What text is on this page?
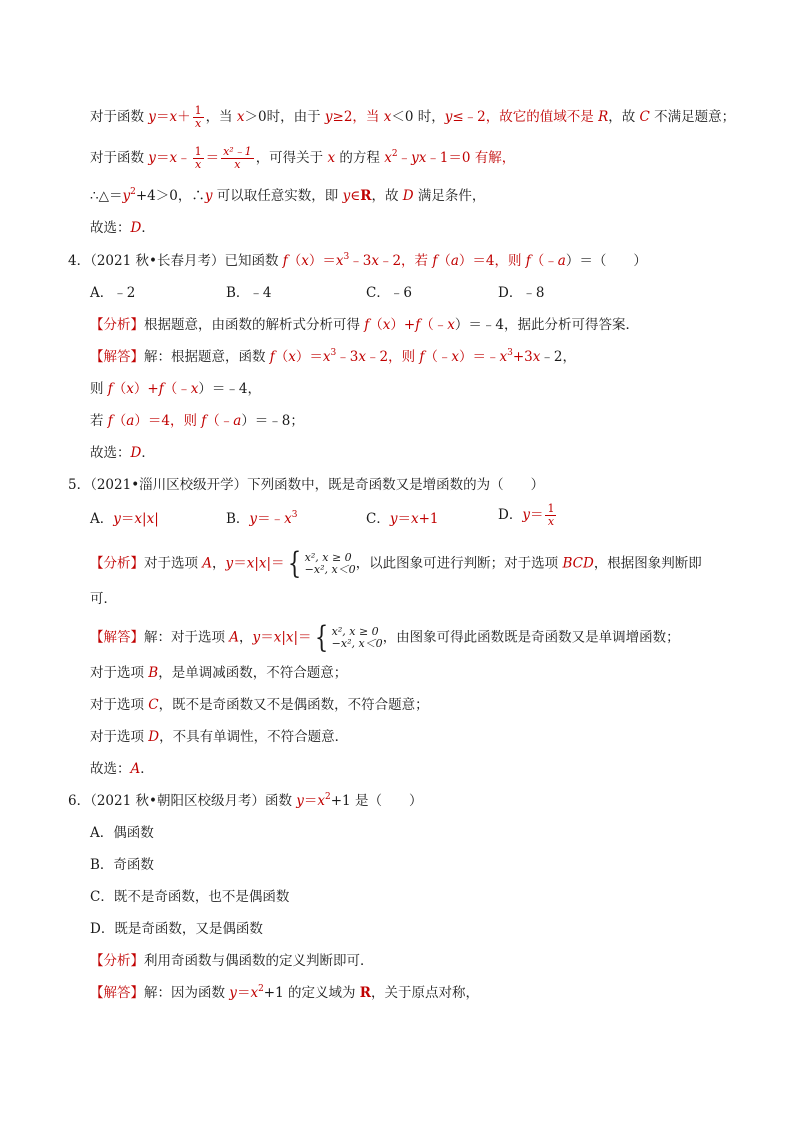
对于函数 $y=x+ \frac{1}{x}$ ，当 x＞0时，由于 y≥2，当 x＜0 时，y≤﹣2，故它的值域不是 R，故 C 不满足题意；
对于函数 y＝x﹣ $\frac{1}{x} = \frac{\text{x²﹣1}}{x}$ ，可得关于 x 的方程 $x^2﹣yx﹣1=0$ 有解，
$\therefore\triangle=y^2+4>0$，∴y 可以取任意实数，即 y∈R，故 D 满足条件，
故选：D．
4．（2021 秋•长春月考）已知函数 $f(x)=x^3﹣3x﹣2$，若 f（a）＝4，则 f（﹣a）＝（　　）
A．﹣2	B．﹣4	C．﹣6	D．﹣8
【分析】根据题意，由函数的解析式分析可得 f（x）+f（﹣x）＝﹣4，据此分析可得答案．
【解答】解：根据题意，函数 $f(x)=x^3﹣3x﹣2$，则 $f(﹣x)=﹣x^3+3x﹣2$，
则 f（x）+f（﹣x）＝﹣4，
若 f（a）＝4，则 f（﹣a）＝﹣8；
故选：D．
5．（2021•淄川区校级开学）下列函数中，既是奇函数又是增函数的为（　　）
A．y＝x|x|	B．$y=﹣x^3$	C．y＝x+1	D．$y= \frac{1}{x}$
【分析】对于选项 A，y＝x|x|＝ { x², x ≥ 0
−x², x＜0 ，以此图象可进行判断；对于选项 BCD，根据图象判断即
可．
【解答】解：对于选项 A，y＝x|x|＝ { x², x ≥ 0
−x², x＜0 ，由图象可得此函数既是奇函数又是单调增函数；
对于选项 B，是单调减函数，不符合题意；
对于选项 C，既不是奇函数又不是偶函数，不符合题意；
对于选项 D，不具有单调性，不符合题意．
故选：A．
6．（2021 秋•朝阳区校级月考）函数 $y=x^2+1$ 是（　　）
A．偶函数
B．奇函数
C．既不是奇函数，也不是偶函数
D．既是奇函数，又是偶函数
【分析】利用奇函数与偶函数的定义判断即可．
【解答】解：因为函数 $y=x^2+1$ 的定义域为 R，关于原点对称，
